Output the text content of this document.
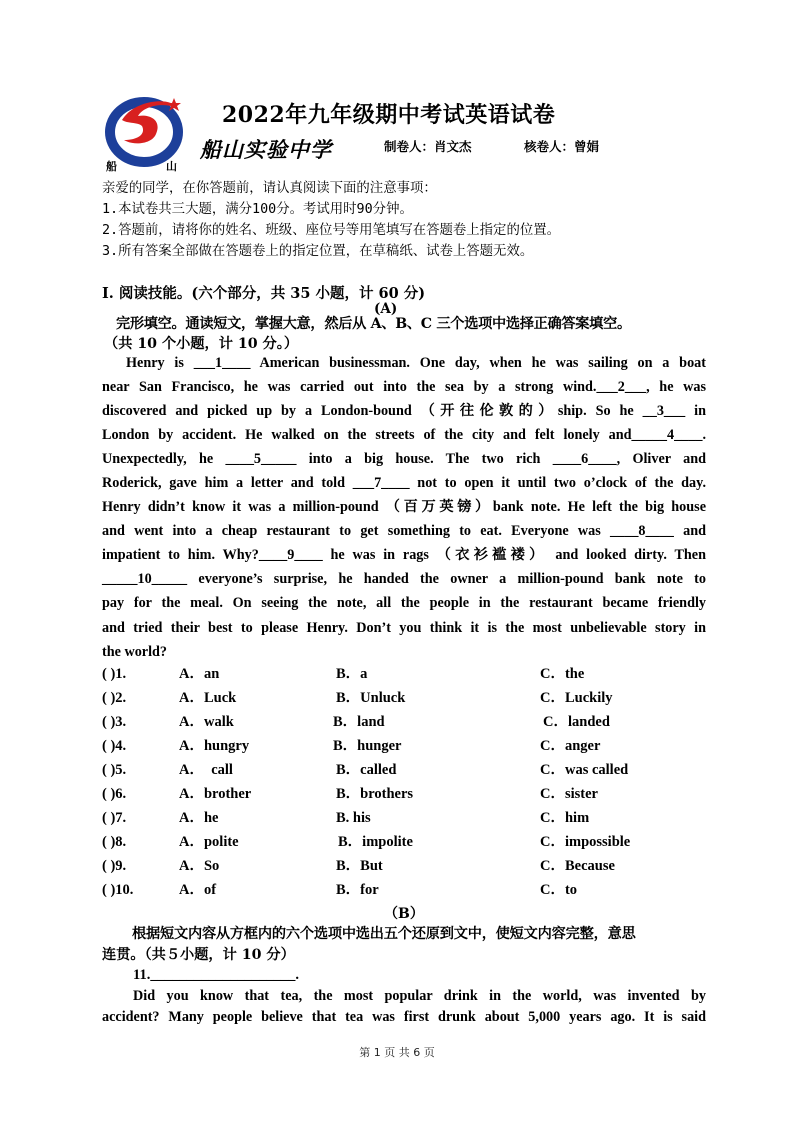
船	山
2022年九年级期中考试英语试卷
船山实验中学	制卷人：肖文杰	核卷人：曾娟
亲爱的同学，在你答题前，请认真阅读下面的注意事项：
1.本试卷共三大题，满分100分。考试用时90分钟。
2.答题前，请将你的姓名、班级、座位号等用笔填写在答题卷上指定的位置。
3.所有答案全部做在答题卷上的指定位置，在草稿纸、试卷上答题无效。
I. 阅读技能。(六个部分，共 35 小题，计 60 分)
(A)
完形填空。通读短文，掌握大意，然后从 A、B、C 三个选项中选择正确答案填空。
（共 10 个小题，计 10 分。）
Henry is ___1____ American businessman. One day, when he was sailing on a boat
near San Francisco, he was carried out into the sea by a strong wind.___2___, he was
discovered and picked up by a London-bound （开往伦敦的）ship. So he __3___ in
London by accident. He walked on the streets of the city and felt lonely and_____4____.
Unexpectedly, he ____5_____ into a big house. The two rich ____6____, Oliver and
Roderick, gave him a letter and told ___7____ not to open it until two o’clock of the day.
Henry didn’t know it was a million-pound （百万英镑）bank note. He left the big house
and went into a cheap restaurant to get something to eat. Everyone was ____8____ and
impatient to him. Why?____9____ he was in rags （衣衫褴褛） and looked dirty. Then
_____10_____ everyone’s surprise, he handed the owner a million-pound bank note to
pay for the meal. On seeing the note, all the people in the restaurant became friendly
and tried their best to please Henry. Don’t you think it is the most unbelievable story in
the world?
( )1.	A．an	B．a	C．the
( )2.	A．Luck	B．Unluck	C．Luckily
( )3.	A．walk	B．land	C．landed
( )4.	A．hungry	B．hunger	C．anger
( )5.	A．  call	B．called	C．was called
( )6.	A．brother	B．brothers	C．sister
( )7.	A．he	B. his	C．him
( )8.	A．polite	B．impolite	C．impossible
( )9.	A．So	B．But	C．Because
( )10.	A．of	B．for	C．to
（B）
根据短文内容从方框内的六个选项中选出五个还原到文中，使短文内容完整，意思
连贯。（共５小题，计 10 分）
11.____________________.
Did you know that tea, the most popular drink in the world, was invented by
accident? Many people believe that tea was first drunk about 5,000 years ago. It is said
第 1 页 共 6 页
